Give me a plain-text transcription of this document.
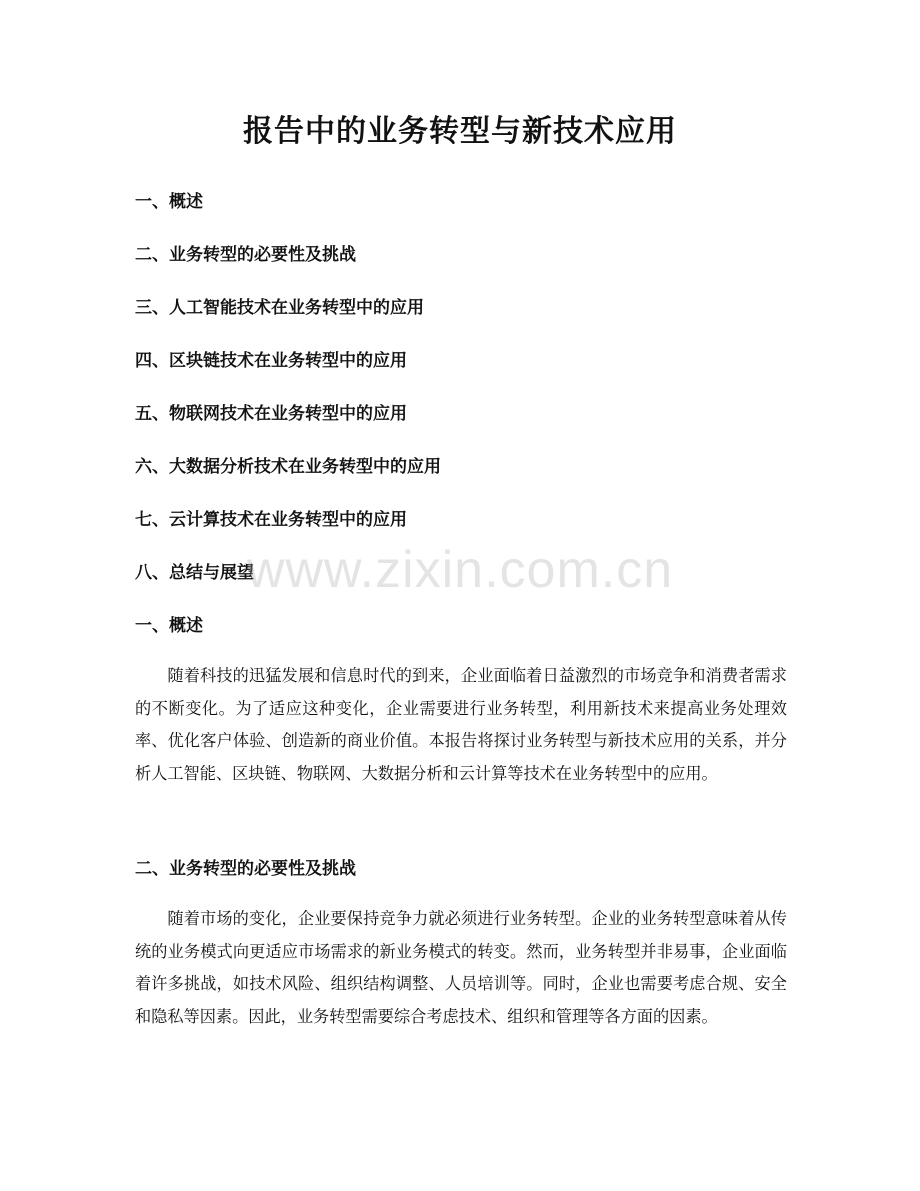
报告中的业务转型与新技术应用
一、概述
二、业务转型的必要性及挑战
三、人工智能技术在业务转型中的应用
四、区块链技术在业务转型中的应用
五、物联网技术在业务转型中的应用
六、大数据分析技术在业务转型中的应用
七、云计算技术在业务转型中的应用
八、总结与展望
一、概述

随着科技的迅猛发展和信息时代的到来，企业面临着日益激烈的市场竞争和消费者需求的不断变化。为了适应这种变化，企业需要进行业务转型，利用新技术来提高业务处理效率、优化客户体验、创造新的商业价值。本报告将探讨业务转型与新技术应用的关系，并分析人工智能、区块链、物联网、大数据分析和云计算等技术在业务转型中的应用。

二、业务转型的必要性及挑战

随着市场的变化，企业要保持竞争力就必须进行业务转型。企业的业务转型意味着从传统的业务模式向更适应市场需求的新业务模式的转变。然而，业务转型并非易事，企业面临着许多挑战，如技术风险、组织结构调整、人员培训等。同时，企业也需要考虑合规、安全和隐私等因素。因此，业务转型需要综合考虑技术、组织和管理等各方面的因素。

www.zixin.com.cn
